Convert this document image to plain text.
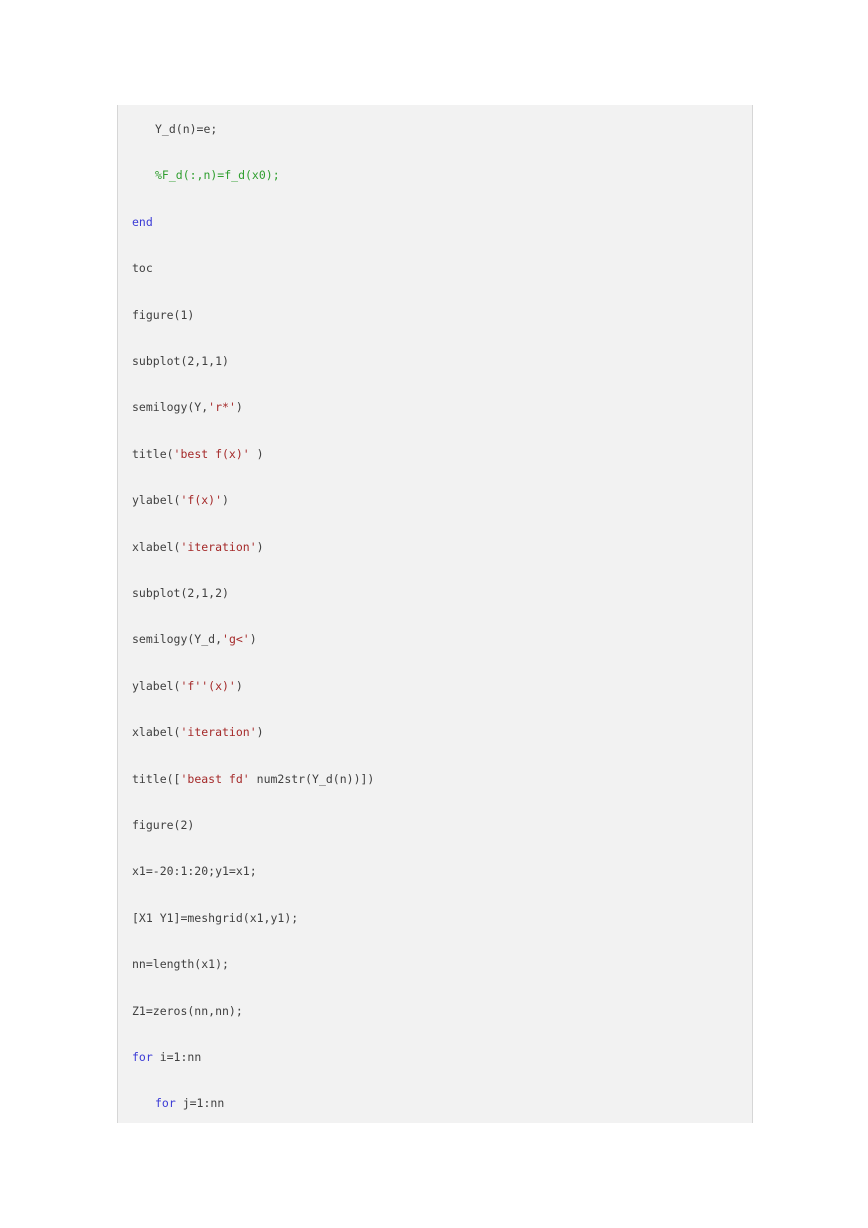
Y_d(n)=e;
%F_d(:,n)=f_d(x0);
end
toc
figure(1)
subplot(2,1,1)
semilogy(Y,'r*')
title('best f(x)' )
ylabel('f(x)')
xlabel('iteration')
subplot(2,1,2)
semilogy(Y_d,'g<')
ylabel('f''(x)')
xlabel('iteration')
title(['beast fd' num2str(Y_d(n))])
figure(2)
x1=-20:1:20;y1=x1;
[X1 Y1]=meshgrid(x1,y1);
nn=length(x1);
Z1=zeros(nn,nn);
for i=1:nn
for j=1:nn
